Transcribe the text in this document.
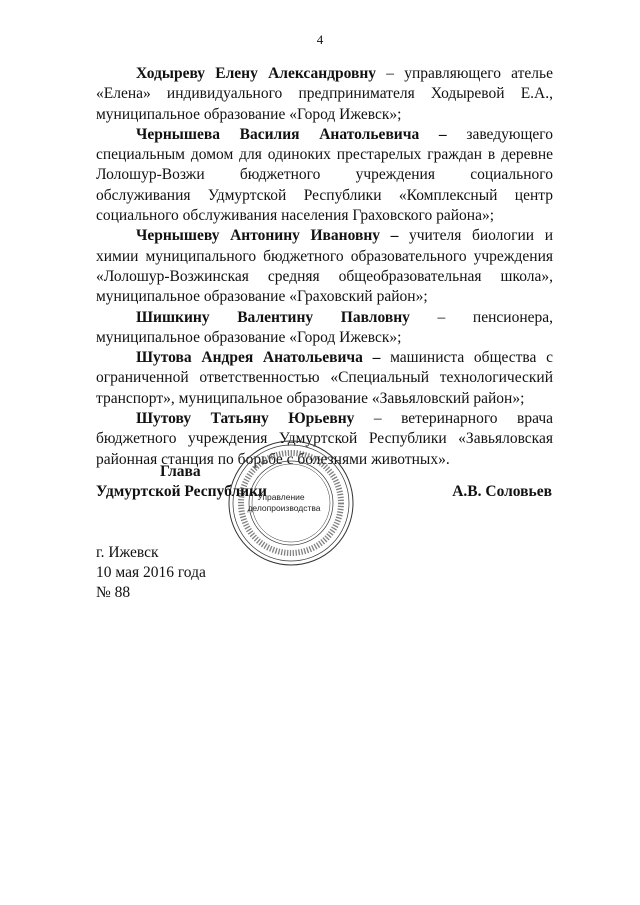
4

Ходыреву Елену Александровну – управляющего ателье «Елена» индивидуального предпринимателя Ходыревой Е.А., муниципальное образование «Город Ижевск»;

Чернышева Василия Анатольевича – заведующего специальным домом для одиноких престарелых граждан в деревне Лолошур-Возжи бюджетного учреждения социального обслуживания Удмуртской Республики «Комплексный центр социального обслуживания населения Граховского района»;

Чернышеву Антонину Ивановну – учителя биологии и химии муниципального бюджетного образовательного учреждения «Лолошур-Возжинская средняя общеобразовательная школа», муниципальное образование «Граховский район»;

Шишкину Валентину Павловну – пенсионера, муниципальное образование «Город Ижевск»;

Шутова Андрея Анатольевича – машиниста общества с ограниченной ответственностью «Специальный технологический транспорт», муниципальное образование «Завьяловский район»;

Шутову Татьяну Юрьевну – ветеринарного врача бюджетного учреждения Удмуртской Республики «Завьяловская районная станция по борьбе с болезнями животных».

Управление
делопроизводства
Глава
Удмуртской Республики	А.В. Соловьев
г. Ижевск
10 мая 2016 года
№ 88
